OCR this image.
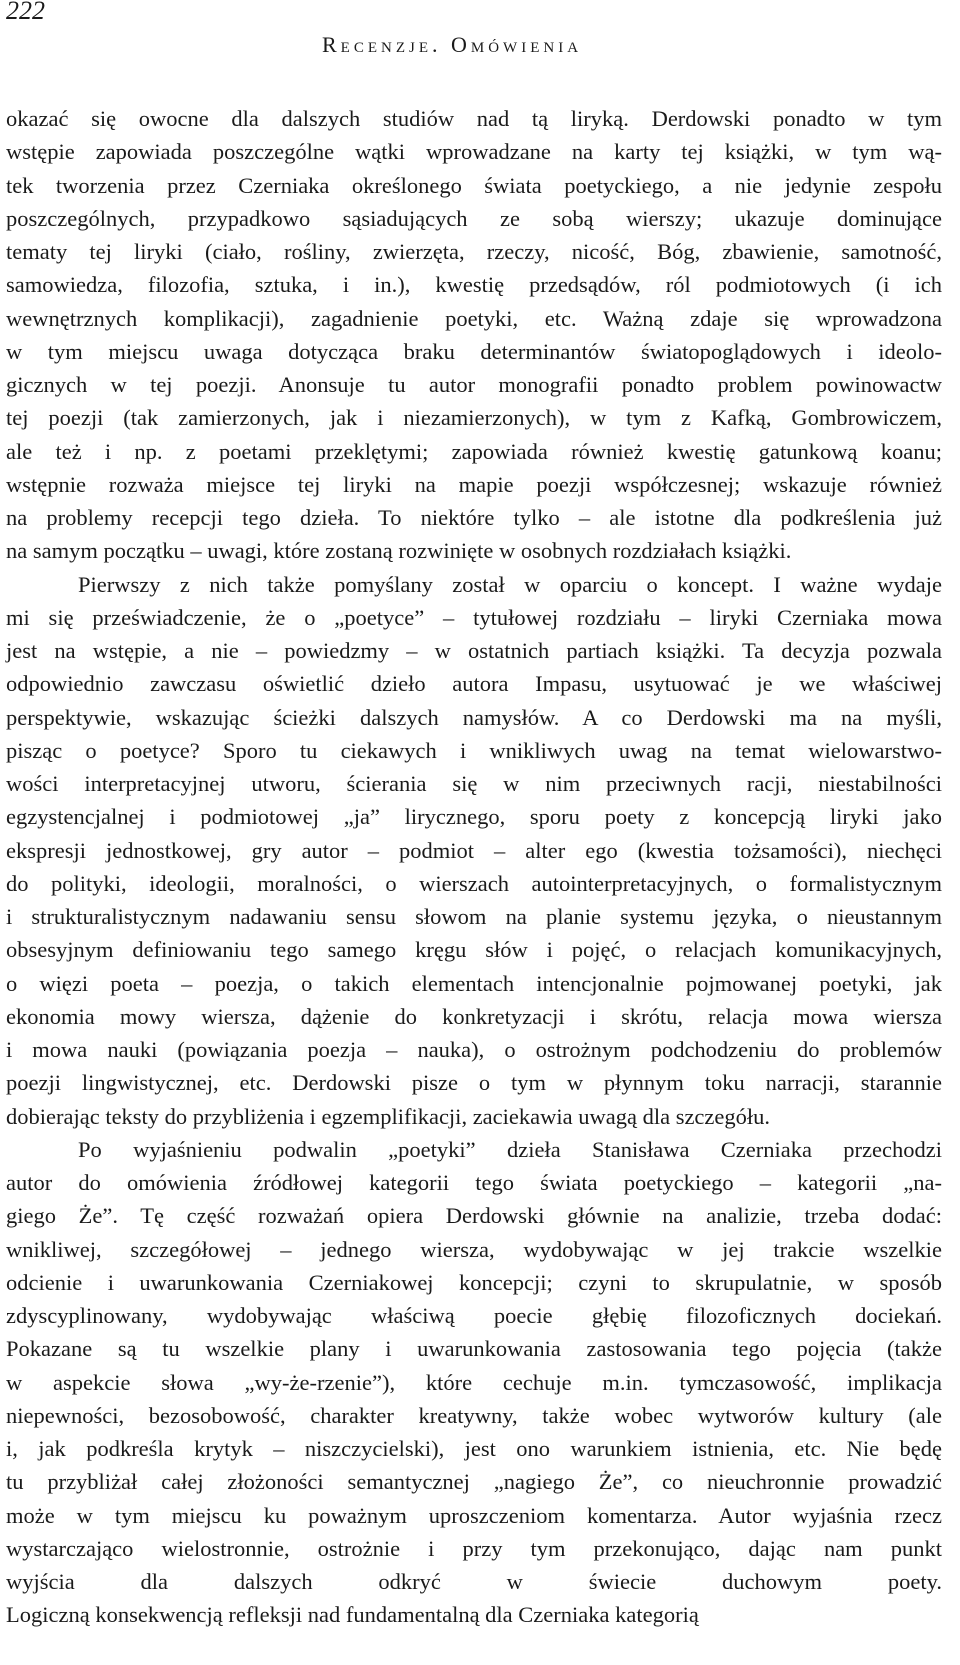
222
Recenzje. Omówienia
okazać się owocne dla dalszych studiów nad tą liryką. Derdowski ponadto w tym
wstępie zapowiada poszczególne wątki wprowadzane na karty tej książki, w tym wą-
tek tworzenia przez Czerniaka określonego świata poetyckiego, a nie jedynie zespołu
poszczególnych, przypadkowo sąsiadujących ze sobą wierszy; ukazuje dominujące
tematy tej liryki (ciało, rośliny, zwierzęta, rzeczy, nicość, Bóg, zbawienie, samotność,
samowiedza, filozofia, sztuka, i in.), kwestię przedsądów, ról podmiotowych (i ich
wewnętrznych komplikacji), zagadnienie poetyki, etc. Ważną zdaje się wprowadzona
w tym miejscu uwaga dotycząca braku determinantów światopoglądowych i ideolo-
gicznych w tej poezji. Anonsuje tu autor monografii ponadto problem powinowactw
tej poezji (tak zamierzonych, jak i niezamierzonych), w tym z Kafką, Gombrowiczem,
ale też i np. z poetami przeklętymi; zapowiada również kwestię gatunkową koanu;
wstępnie rozważa miejsce tej liryki na mapie poezji współczesnej; wskazuje również
na problemy recepcji tego dzieła. To niektóre tylko – ale istotne dla podkreślenia już
na samym początku – uwagi, które zostaną rozwinięte w osobnych rozdziałach książki.
Pierwszy z nich także pomyślany został w oparciu o koncept. I ważne wydaje
mi się przeświadczenie, że o „poetyce” – tytułowej rozdziału – liryki Czerniaka mowa
jest na wstępie, a nie – powiedzmy – w ostatnich partiach książki. Ta decyzja pozwala
odpowiednio zawczasu oświetlić dzieło autora Impasu, usytuować je we właściwej
perspektywie, wskazując ścieżki dalszych namysłów. A co Derdowski ma na myśli,
pisząc o poetyce? Sporo tu ciekawych i wnikliwych uwag na temat wielowarstwo-
wości interpretacyjnej utworu, ścierania się w nim przeciwnych racji, niestabilności
egzystencjalnej i podmiotowej „ja” lirycznego, sporu poety z koncepcją liryki jako
ekspresji jednostkowej, gry autor – podmiot – alter ego (kwestia tożsamości), niechęci
do polityki, ideologii, moralności, o wierszach autointerpretacyjnych, o formalistycznym
i strukturalistycznym nadawaniu sensu słowom na planie systemu języka, o nieustannym
obsesyjnym definiowaniu tego samego kręgu słów i pojęć, o relacjach komunikacyjnych,
o więzi poeta – poezja, o takich elementach intencjonalnie pojmowanej poetyki, jak
ekonomia mowy wiersza, dążenie do konkretyzacji i skrótu, relacja mowa wiersza
i mowa nauki (powiązania poezja – nauka), o ostrożnym podchodzeniu do problemów
poezji lingwistycznej, etc. Derdowski pisze o tym w płynnym toku narracji, starannie
dobierając teksty do przybliżenia i egzemplifikacji, zaciekawia uwagą dla szczegółu.
Po wyjaśnieniu podwalin „poetyki” dzieła Stanisława Czerniaka przechodzi
autor do omówienia źródłowej kategorii tego świata poetyckiego – kategorii „na-
giego Że”. Tę część rozważań opiera Derdowski głównie na analizie, trzeba dodać:
wnikliwej, szczegółowej – jednego wiersza, wydobywając w jej trakcie wszelkie
odcienie i uwarunkowania Czerniakowej koncepcji; czyni to skrupulatnie, w sposób
zdyscyplinowany, wydobywając właściwą poecie głębię filozoficznych dociekań.
Pokazane są tu wszelkie plany i uwarunkowania zastosowania tego pojęcia (także
w aspekcie słowa „wy-że-rzenie”), które cechuje m.in. tymczasowość, implikacja
niepewności, bezosobowość, charakter kreatywny, także wobec wytworów kultury (ale
i, jak podkreśla krytyk – niszczycielski), jest ono warunkiem istnienia, etc. Nie będę
tu przybliżał całej złożoności semantycznej „nagiego Że”, co nieuchronnie prowadzić
może w tym miejscu ku poważnym uproszczeniom komentarza. Autor wyjaśnia rzecz
wystarczająco wielostronnie, ostrożnie i przy tym przekonująco, dając nam punkt
wyjścia dla dalszych odkryć w świecie duchowym poety.
Logiczną konsekwencją refleksji nad fundamentalną dla Czerniaka kategorią
